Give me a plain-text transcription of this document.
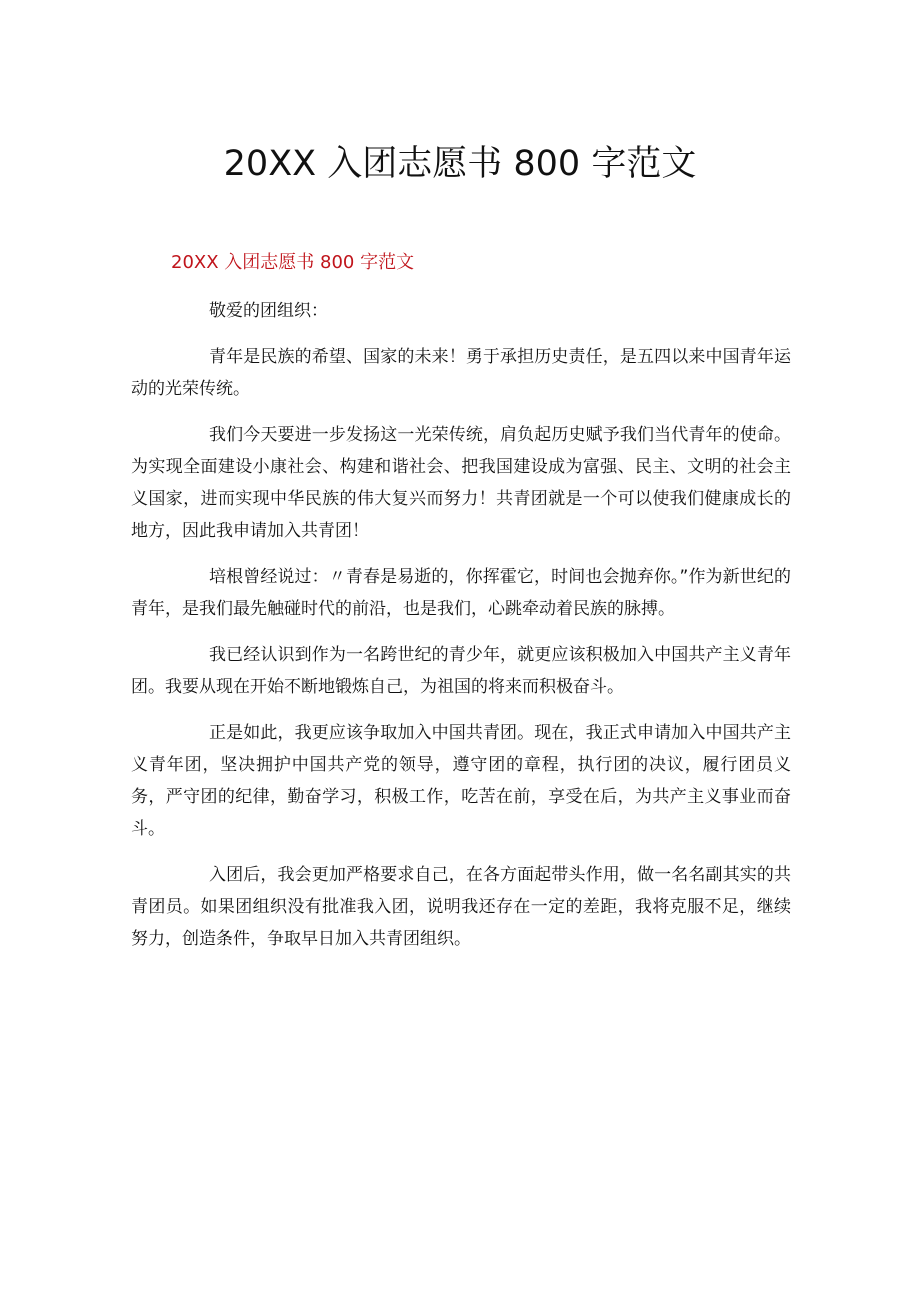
20XX 入团志愿书 800 字范文

20XX 入团志愿书 800 字范文

敬爱的团组织：

青年是民族的希望、国家的未来！勇于承担历史责任，是五四以来中国青年运动的光荣传统。

我们今天要进一步发扬这一光荣传统，肩负起历史赋予我们当代青年的使命。为实现全面建设小康社会、构建和谐社会、把我国建设成为富强、民主、文明的社会主义国家，进而实现中华民族的伟大复兴而努力！共青团就是一个可以使我们健康成长的地方，因此我申请加入共青团！

培根曾经说过：〃青春是易逝的，你挥霍它，时间也会抛弃你。”作为新世纪的青年，是我们最先触碰时代的前沿，也是我们，心跳牵动着民族的脉搏。

我已经认识到作为一名跨世纪的青少年，就更应该积极加入中国共产主义青年团。我要从现在开始不断地锻炼自己，为祖国的将来而积极奋斗。

正是如此，我更应该争取加入中国共青团。现在，我正式申请加入中国共产主义青年团，坚决拥护中国共产党的领导，遵守团的章程，执行团的决议，履行团员义务，严守团的纪律，勤奋学习，积极工作，吃苦在前，享受在后，为共产主义事业而奋斗。

入团后，我会更加严格要求自己，在各方面起带头作用，做一名名副其实的共青团员。如果团组织没有批准我入团，说明我还存在一定的差距，我将克服不足，继续努力，创造条件，争取早日加入共青团组织。
